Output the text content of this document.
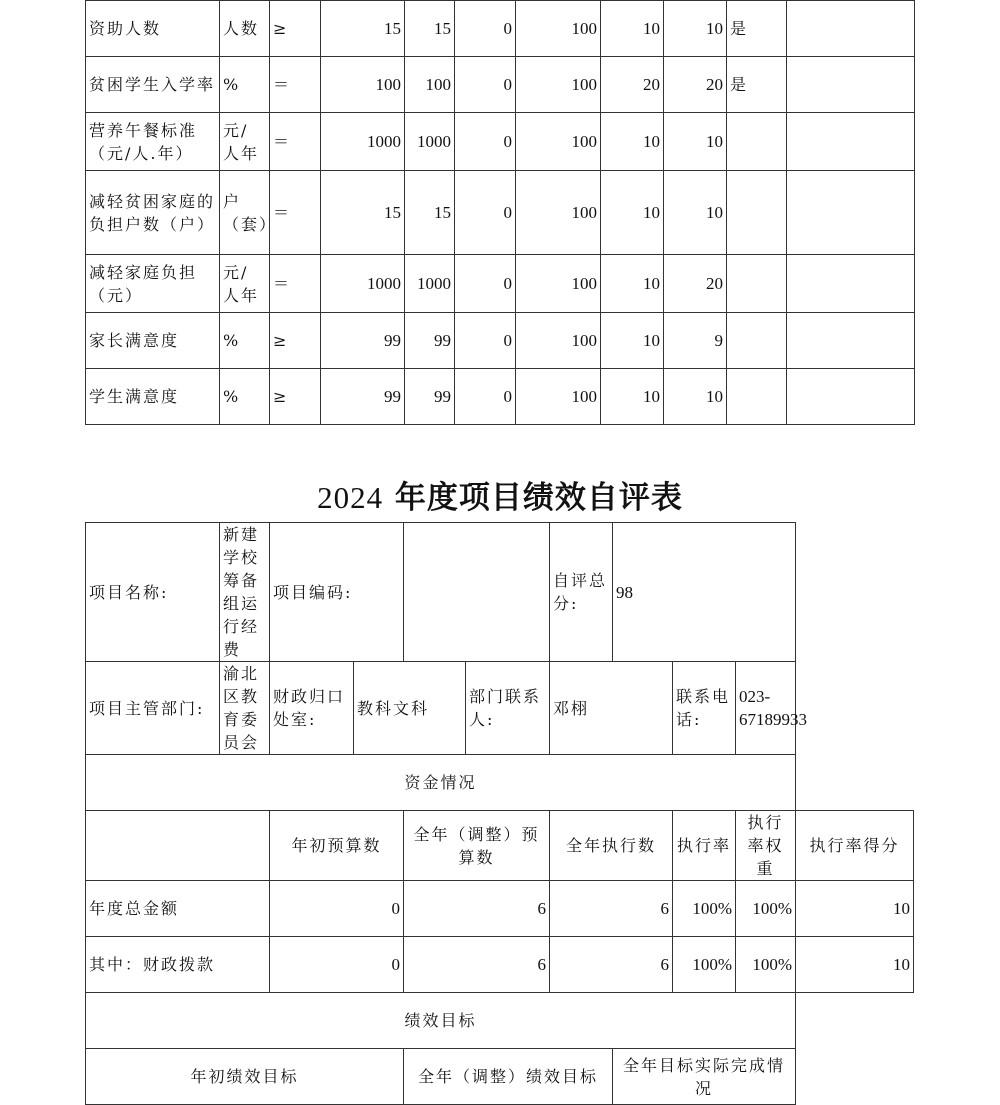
资助人数	人数	≥	15	15	0	100	10	10	是	
贫困学生入学率	%	＝	100	100	0	100	20	20	是	
营养午餐标准（元/人.年）	元/人年	＝	1000	1000	0	100	10	10		
减轻贫困家庭的负担户数（户）	户（套）	＝	15	15	0	100	10	10		
减轻家庭负担（元）	元/人年	＝	1000	1000	0	100	10	20		
家长满意度	%	≥	99	99	0	100	10	9		
学生满意度	%	≥	99	99	0	100	10	10		
2024 年度项目绩效自评表
项目名称:	新建学校筹备组运行经费	项目编码:				自评总分:	98			
项目主管部门:	渝北区教育委员会	财政归口处室:	教科文科		部门联系人:	邓栩		联系电话:	023-67189933	
资金情况										
		年初预算数		全年（调整）预算数		全年执行数		执行率	执行率权重	执行率得分
年度总金额		0		6		6		100%	100%	10
其中：财政拨款		0		6		6		100%	100%	10
绩效目标										
年初绩效目标				全年（调整）绩效目标			全年目标实际完成情况			
